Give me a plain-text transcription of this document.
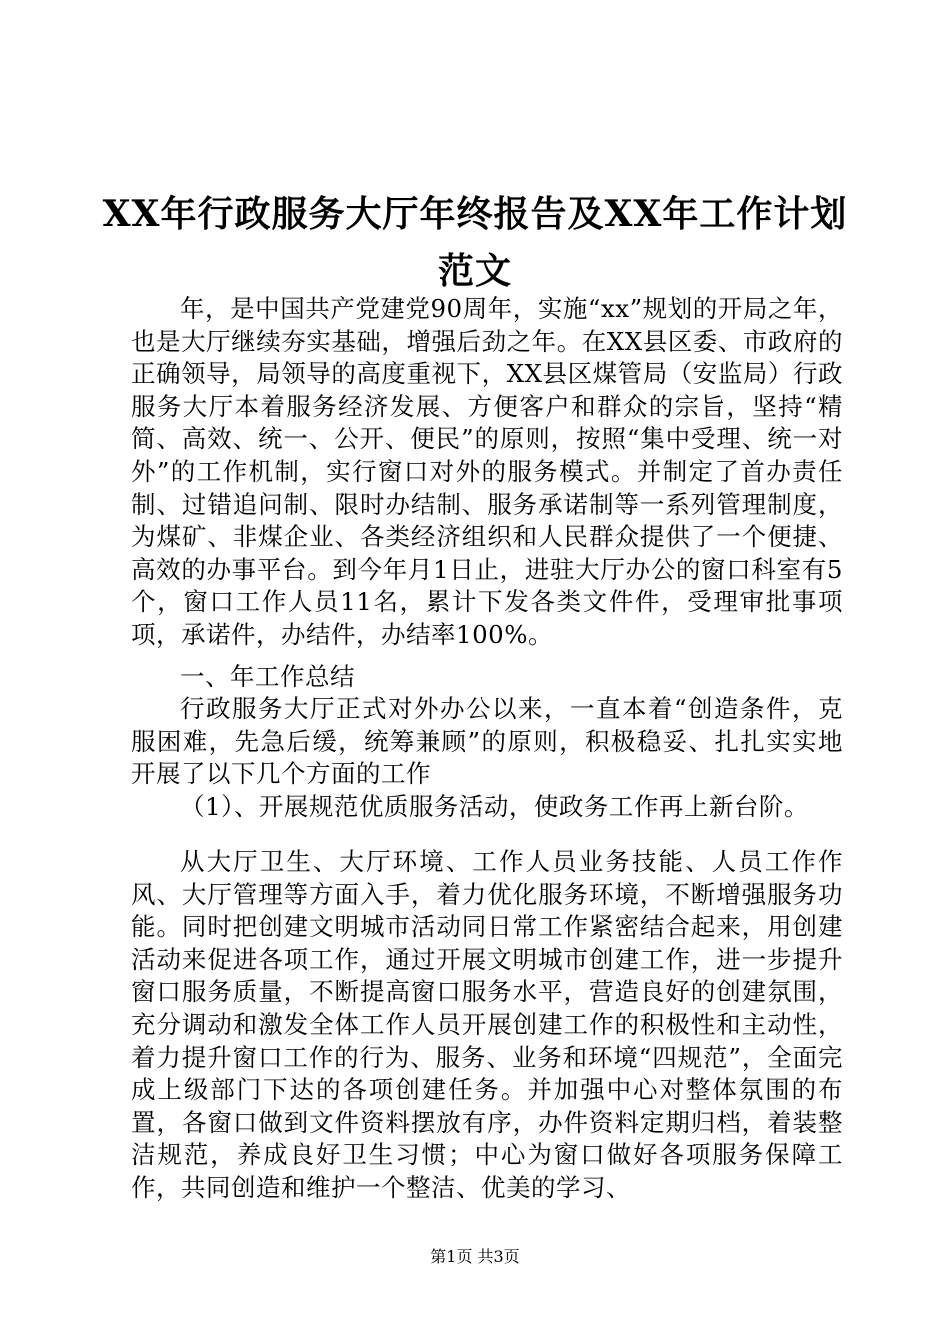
XX年行政服务大厅年终报告及XX年工作计划
范文
年，是中国共产党建党90周年，实施“xx”规划的开局之年，也是大厅继续夯实基础，增强后劲之年。在XX县区委、市政府的正确领导，局领导的高度重视下，XX县区煤管局（安监局）行政服务大厅本着服务经济发展、方便客户和群众的宗旨，坚持“精简、高效、统一、公开、便民”的原则，按照“集中受理、统一对外”的工作机制，实行窗口对外的服务模式。并制定了首办责任制、过错追问制、限时办结制、服务承诺制等一系列管理制度，为煤矿、非煤企业、各类经济组织和人民群众提供了一个便捷、高效的办事平台。到今年月1日止，进驻大厅办公的窗口科室有5个，窗口工作人员11名，累计下发各类文件件，受理审批事项项，承诺件，办结件，办结率100%。
一、年工作总结
行政服务大厅正式对外办公以来，一直本着“创造条件，克服困难，先急后缓，统筹兼顾”的原则，积极稳妥、扎扎实实地开展了以下几个方面的工作
（1）、开展规范优质服务活动，使政务工作再上新台阶。
从大厅卫生、大厅环境、工作人员业务技能、人员工作作风、大厅管理等方面入手，着力优化服务环境，不断增强服务功能。同时把创建文明城市活动同日常工作紧密结合起来，用创建活动来促进各项工作，通过开展文明城市创建工作，进一步提升窗口服务质量，不断提高窗口服务水平，营造良好的创建氛围，充分调动和激发全体工作人员开展创建工作的积极性和主动性，着力提升窗口工作的行为、服务、业务和环境“四规范”，全面完成上级部门下达的各项创建任务。并加强中心对整体氛围的布置，各窗口做到文件资料摆放有序，办件资料定期归档，着装整洁规范，养成良好卫生习惯；中心为窗口做好各项服务保障工作，共同创造和维护一个整洁、优美的学习、
第1页 共3页
